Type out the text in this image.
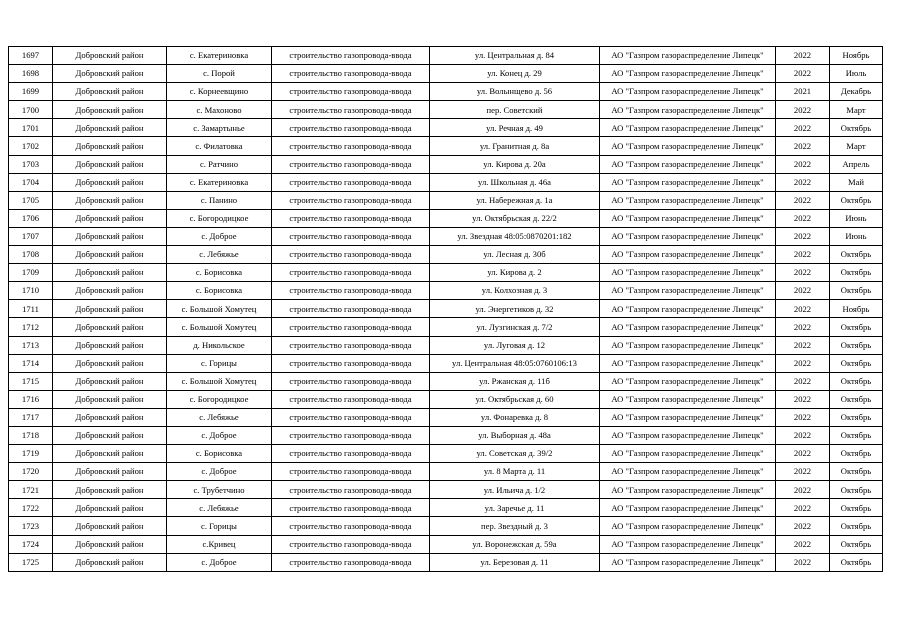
1697	Добровский район	с. Екатериновка	строительство газопровода-ввода	ул. Центральная д. 84	АО "Газпром газораспределение Липецк"	2022	Ноябрь
1698	Добровский район	с. Порой	строительство газопровода-ввода	ул. Конец д. 29	АО "Газпром газораспределение Липецк"	2022	Июль
1699	Добровский район	с. Корнеевщино	строительство газопровода-ввода	ул. Волынщево д. 56	АО "Газпром газораспределение Липецк"	2021	Декабрь
1700	Добровский район	с. Махоново	строительство газопровода-ввода	пер. Советский	АО "Газпром газораспределение Липецк"	2022	Март
1701	Добровский район	с. Замартынье	строительство газопровода-ввода	ул. Речная д. 49	АО "Газпром газораспределение Липецк"	2022	Октябрь
1702	Добровский район	с. Филатовка	строительство газопровода-ввода	ул. Гранитная д. 8а	АО "Газпром газораспределение Липецк"	2022	Март
1703	Добровский район	с. Ратчино	строительство газопровода-ввода	ул. Кирова д. 20а	АО "Газпром газораспределение Липецк"	2022	Апрель
1704	Добровский район	с. Екатериновка	строительство газопровода-ввода	ул. Школьная д. 46а	АО "Газпром газораспределение Липецк"	2022	Май
1705	Добровский район	с. Панино	строительство газопровода-ввода	ул. Набережная д. 1а	АО "Газпром газораспределение Липецк"	2022	Октябрь
1706	Добровский район	с. Богородицкое	строительство газопровода-ввода	ул. Октябрьская д. 22/2	АО "Газпром газораспределение Липецк"	2022	Июнь
1707	Добровский район	с. Доброе	строительство газопровода-ввода	ул. Звездная 48:05:0870201:182	АО "Газпром газораспределение Липецк"	2022	Июнь
1708	Добровский район	с. Лебяжье	строительство газопровода-ввода	ул. Лесная д. 30б	АО "Газпром газораспределение Липецк"	2022	Октябрь
1709	Добровский район	с. Борисовка	строительство газопровода-ввода	ул. Кирова д. 2	АО "Газпром газораспределение Липецк"	2022	Октябрь
1710	Добровский район	с. Борисовка	строительство газопровода-ввода	ул. Колхозная д. 3	АО "Газпром газораспределение Липецк"	2022	Октябрь
1711	Добровский район	с. Большой Хомутец	строительство газопровода-ввода	ул. Энергетиков д. 32	АО "Газпром газораспределение Липецк"	2022	Ноябрь
1712	Добровский район	с. Большой Хомутец	строительство газопровода-ввода	ул. Лузгинская д. 7/2	АО "Газпром газораспределение Липецк"	2022	Октябрь
1713	Добровский район	д. Никольское	строительство газопровода-ввода	ул. Луговая д. 12	АО "Газпром газораспределение Липецк"	2022	Октябрь
1714	Добровский район	с. Горицы	строительство газопровода-ввода	ул. Центральная 48:05:0760106:13	АО "Газпром газораспределение Липецк"	2022	Октябрь
1715	Добровский район	с. Большой Хомутец	строительство газопровода-ввода	ул. Ржанская д. 11б	АО "Газпром газораспределение Липецк"	2022	Октябрь
1716	Добровский район	с. Богородицкое	строительство газопровода-ввода	ул. Октябрьская д. 60	АО "Газпром газораспределение Липецк"	2022	Октябрь
1717	Добровский район	с. Лебяжье	строительство газопровода-ввода	ул. Фонаревка д. 8	АО "Газпром газораспределение Липецк"	2022	Октябрь
1718	Добровский район	с. Доброе	строительство газопровода-ввода	ул. Выборная д. 48а	АО "Газпром газораспределение Липецк"	2022	Октябрь
1719	Добровский район	с. Борисовка	строительство газопровода-ввода	ул. Советская д. 39/2	АО "Газпром газораспределение Липецк"	2022	Октябрь
1720	Добровский район	с. Доброе	строительство газопровода-ввода	ул. 8 Марта д. 11	АО "Газпром газораспределение Липецк"	2022	Октябрь
1721	Добровский район	с. Трубетчино	строительство газопровода-ввода	ул. Ильича д. 1/2	АО "Газпром газораспределение Липецк"	2022	Октябрь
1722	Добровский район	с. Лебяжье	строительство газопровода-ввода	ул. Заречье д. 11	АО "Газпром газораспределение Липецк"	2022	Октябрь
1723	Добровский район	с. Горицы	строительство газопровода-ввода	пер. Звездный д. 3	АО "Газпром газораспределение Липецк"	2022	Октябрь
1724	Добровский район	с.Кривец	строительство газопровода-ввода	ул. Воронежская д. 59а	АО "Газпром газораспределение Липецк"	2022	Октябрь
1725	Добровский район	с. Доброе	строительство газопровода-ввода	ул. Березовая д. 11	АО "Газпром газораспределение Липецк"	2022	Октябрь
